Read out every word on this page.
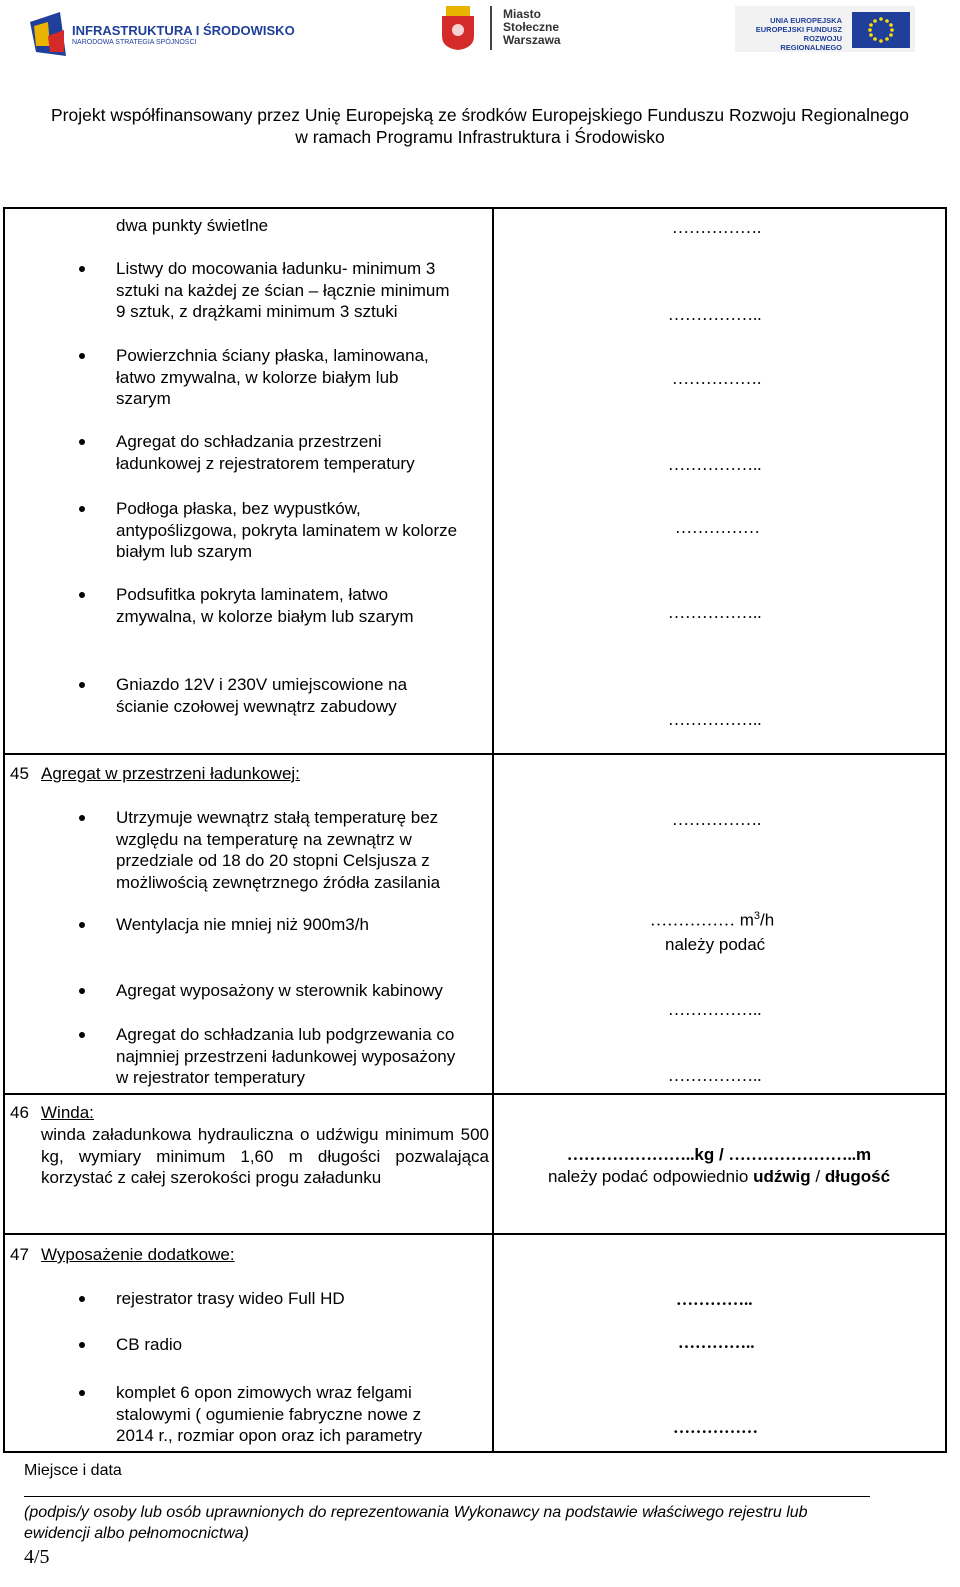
INFRASTRUKTURA I ŚRODOWISKO
NARODOWA STRATEGIA SPÓJNOŚCI
Miasto
Stołeczne
Warszawa
UNIA EUROPEJSKA
EUROPEJSKI FUNDUSZ
ROZWOJU REGIONALNEGO
Projekt współfinansowany przez Unię Europejską ze środków Europejskiego Funduszu Rozwoju Regionalnego
w ramach Programu Infrastruktura i Środowisko
dwa punkty świetlne
Listwy do mocowania ładunku- minimum 3
sztuki na każdej ze ścian – łącznie minimum
9 sztuk, z drążkami minimum 3 sztuki
Powierzchnia ściany płaska, laminowana,
łatwo zmywalna, w kolorze białym lub
szarym
Agregat do schładzania przestrzeni
ładunkowej z rejestratorem temperatury
Podłoga płaska, bez wypustków,
antypoślizgowa, pokryta laminatem w kolorze
białym lub szarym
Podsufitka pokryta laminatem, łatwo
zmywalna, w kolorze białym lub szarym
Gniazdo 12V i 230V umiejscowione na
ścianie czołowej wewnątrz zabudowy
…………….
……………..
…………….
……………..
……………
……………..
……………..
45 Agregat w przestrzeni ładunkowej:
Utrzymuje wewnątrz stałą temperaturę bez
względu na temperaturę na zewnątrz w
przedziale od 18 do 20 stopni Celsjusza z
możliwością zewnętrznego źródła zasilania
Wentylacja nie mniej niż 900m3/h
Agregat wyposażony w sterownik kabinowy
Agregat do schładzania lub podgrzewania co
najmniej przestrzeni ładunkowej wyposażony
w rejestrator temperatury
…………….
…………… $m^3/h$
należy podać
……………..
……………..
46 Winda:
winda załadunkowa hydrauliczna o udźwigu minimum 500 kg, wymiary minimum 1,60 m długości pozwalająca korzystać z całej szerokości progu załadunku
…………………..kg / …………………..m
należy podać odpowiednio udźwig / długość
47 Wyposażenie dodatkowe:
rejestrator trasy wideo Full HD
CB radio
komplet 6 opon zimowych wraz felgami
stalowymi ( ogumienie fabryczne nowe z
2014 r., rozmiar opon oraz ich parametry
…………..
…………..
……………
Miejsce i data
(podpis/y osoby lub osób uprawnionych do reprezentowania Wykonawcy na podstawie właściwego rejestru lub
ewidencji albo pełnomocnictwa)
4/5
